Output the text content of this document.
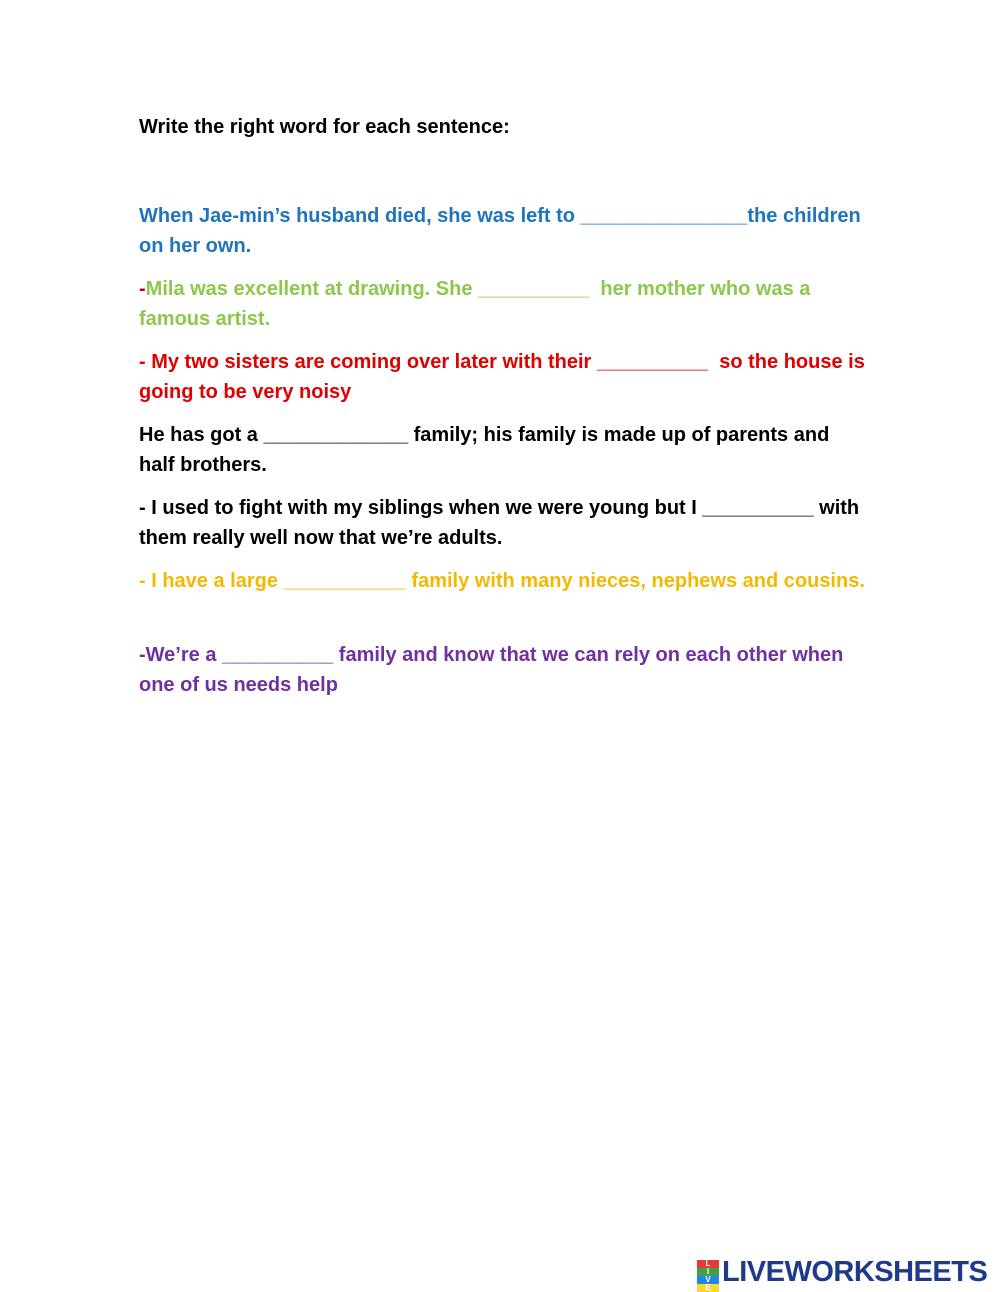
Write the right word for each sentence:
When Jae-min’s husband died, she was left to _______________the children on her own.
-Mila was excellent at drawing. She __________  her mother who was a famous artist.
- My two sisters are coming over later with their __________  so the house is going to be very noisy
He has got a _____________ family; his family is made up of parents and half brothers.
- I used to fight with my siblings when we were young but I __________ with them really well now that we’re adults.
- I have a large ___________ family with many nieces, nephews and cousins.
-We’re a __________ family and know that we can rely on each other when one of us needs help
L
I
V
E LIVEWORKSHEETS
